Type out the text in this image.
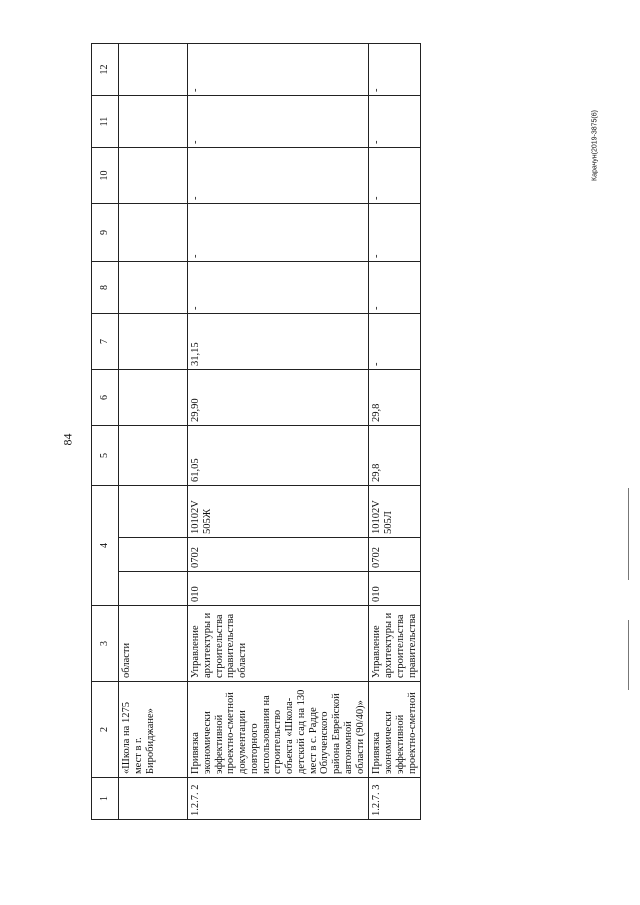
84
Карачун(2019-3875(6)
1	2	3	4			5	6	7	8	9	10	11	12
	«Школа на 1275 мест в г. Биробиджане»	области											
1.2.7. 2	Привязка экономически эффективной проектно-сметной документации повторного использования на строительство объекта «Школа-детский сад на 130 мест в с. Радде Облученского района Еврейской автономной области (90/40)»	Управление архитектуры и строительства правительства области	010	0702	10102V 505Ж	61,05	29,90	31,15	-	-	-	-	-
1.2.7. 3	Привязка экономически эффективной проектно-сметной	Управление архитектуры и строительства правительства	010	0702	10102V 505Л	29,8	29,8	-	-	-	-	-	-
